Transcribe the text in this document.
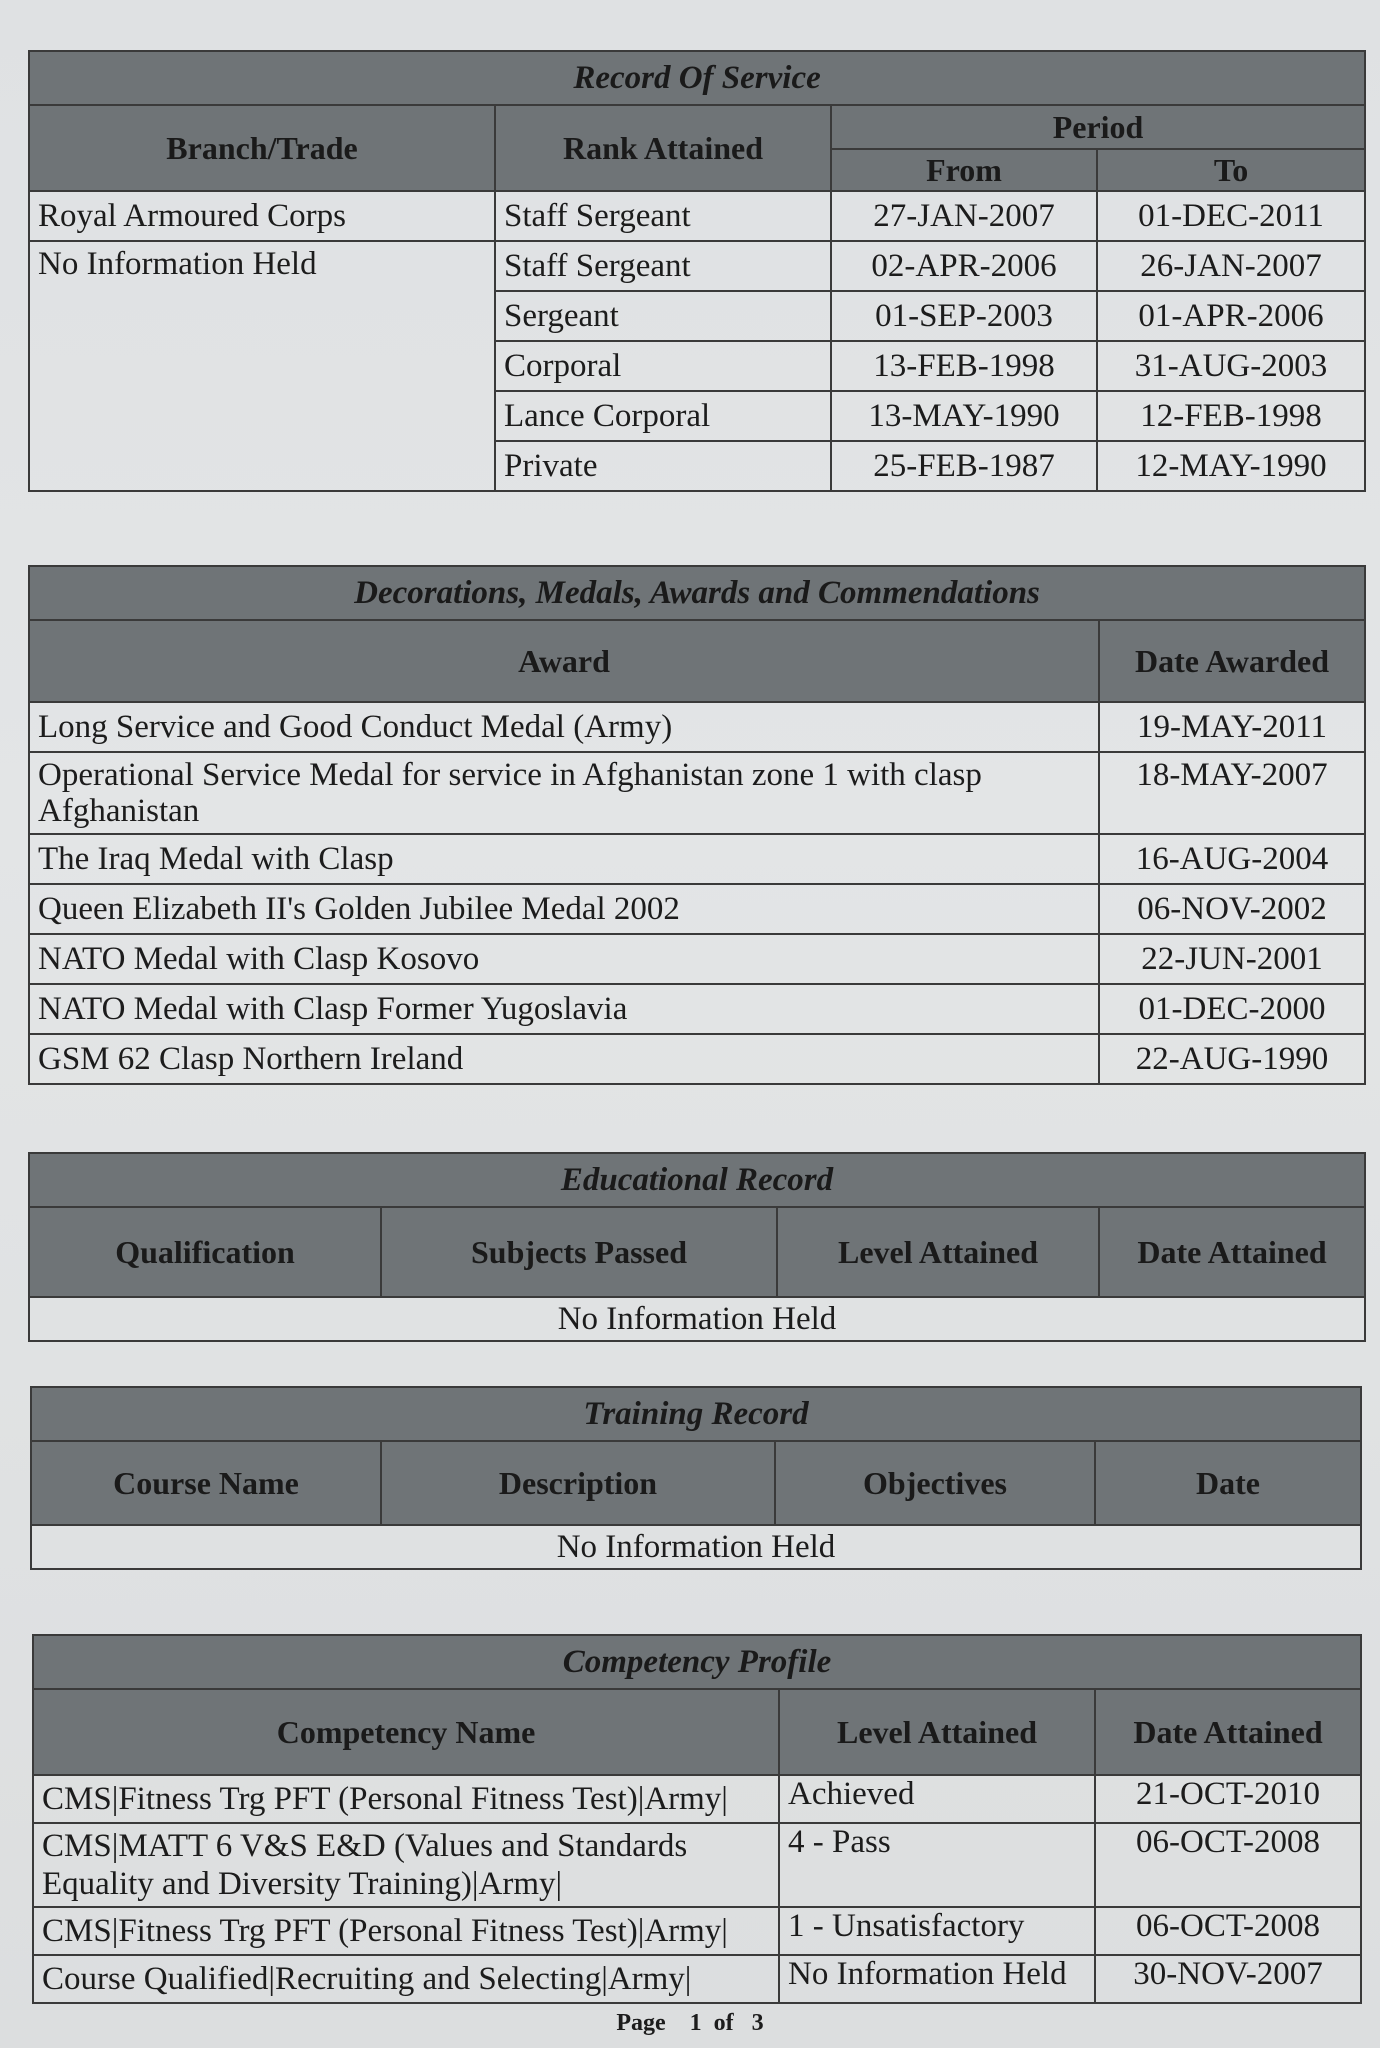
Record Of Service			
Branch/Trade	Rank Attained	Period	
		From	To
Royal Armoured Corps	Staff Sergeant	27-JAN-2007	01-DEC-2011
No Information Held	Staff Sergeant	02-APR-2006	26-JAN-2007
	Sergeant	01-SEP-2003	01-APR-2006
	Corporal	13-FEB-1998	31-AUG-2003
	Lance Corporal	13-MAY-1990	12-FEB-1998
	Private	25-FEB-1987	12-MAY-1990
Decorations, Medals, Awards and Commendations	
Award	Date Awarded
Long Service and Good Conduct Medal (Army)	19-MAY-2011
Operational Service Medal for service in Afghanistan zone 1 with clasp Afghanistan	18-MAY-2007
The Iraq Medal with Clasp	16-AUG-2004
Queen Elizabeth II's Golden Jubilee Medal 2002	06-NOV-2002
NATO Medal with Clasp Kosovo	22-JUN-2001
NATO Medal with Clasp Former Yugoslavia	01-DEC-2000
GSM 62 Clasp Northern Ireland	22-AUG-1990
Educational Record
Qualification	Subjects Passed	Level Attained	Date Attained
No Information Held
Training Record
Course Name	Description	Objectives	Date
No Information Held
Competency Profile		
Competency Name	Level Attained	Date Attained
CMS|Fitness Trg PFT (Personal Fitness Test)|Army|	Achieved	21-OCT-2010
CMS|MATT 6 V&S E&D (Values and Standards Equality and Diversity Training)|Army|	4 - Pass	06-OCT-2008
CMS|Fitness Trg PFT (Personal Fitness Test)|Army|	1 - Unsatisfactory	06-OCT-2008
Course Qualified|Recruiting and Selecting|Army|	No Information Held	30-NOV-2007
Page 1 of 3
